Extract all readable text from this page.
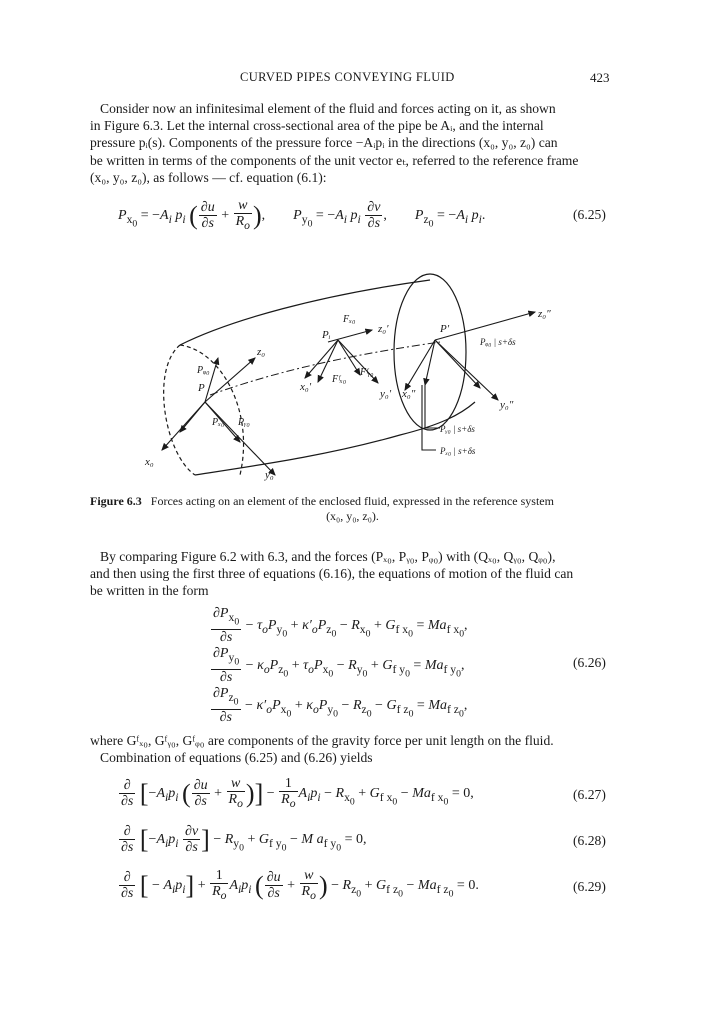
CURVED PIPES CONVEYING FLUID	423
Consider now an infinitesimal element of the fluid and forces acting on it, as shown
in Figure 6.3. Let the internal cross-sectional area of the pipe be Aᵢ, and the internal
pressure pᵢ(s). Components of the pressure force −Aᵢpᵢ in the directions (x₀, y₀, z₀) can
be written in terms of the components of the unit vector eₜ, referred to the reference frame
(x₀, y₀, z₀), as follows — cf. equation (6.1):
$P_{x_0} = -A_i$ $p_i$ ( $\frac{\partial u}{\partial s} + \frac{w}{R_o}$ ),        $P_{y_0} = -A_i$ $p_i \frac{\partial v}{\partial s}$ ,        $P_{z_0} = -A_i$ $p_i$.	(6.25)
x₀
y₀
z₀
Pᵩ₀
P
Pₓ₀ Pᵧ₀
Pᵢ
Fₓ₀
z₀′
Fᶠᵧ₀
Fᶠₓ₀
x₀′
y₀′ x₀″
P′
z₀″
Pᵩ₀ | s+δs
y₀″
Pᵧ₀ | s+δs
Pₓ₀ | s+δs
Figure 6.3 Forces acting on an element of the enclosed fluid, expressed in the reference system
(x₀, y₀, z₀).
By comparing Figure 6.2 with 6.3, and the forces (Pₓ₀, Pᵧ₀, Pᵩ₀) with (Qₓ₀, Qᵧ₀, Qᵩ₀),
and then using the first three of equations (6.16), the equations of motion of the fluid can
be written in the form
$\frac{\partial P_{x_0}}{\partial s} - \tau_oP_{y_0} + \kappa'_oP_{z_0} - R_{x_0} + G_{f x_0} = Ma_{f x_0}$,
$\frac{\partial P_{y_0}}{\partial s} - \kappa_oP_{z_0} + \tau_oP_{x_0} - R_{y_0} + G_{f y_0} = Ma_{f y_0}$,	(6.26)
$\frac{\partial P_{z_0}}{\partial s} - \kappa'_oP_{x_0} + \kappa_oP_{y_0} - R_{z_0} - G_{f z_0} = Ma_{f z_0}$,
where Gᶠₓ₀, Gᶠᵧ₀, Gᶠᵩ₀ are components of the gravity force per unit length on the fluid.
Combination of equations (6.25) and (6.26) yields
$\frac{\partial}{\partial s} [-A_ip_i$ ( $\frac{\partial u}{\partial s} + \frac{w}{R_o}$ )] − $\frac{1}{R_o} A_ip_i - R_{x_0} + G_{f x_0} - Ma_{f x_0} = 0$,	(6.27)
$\frac{\partial}{\partial s} [-A_ip_i \frac{\partial v}{\partial s}$ ] − $R_{y_0} + G_{f y_0} - M$ $a_{f y_0} = 0$,	(6.28)
$\frac{\partial}{\partial s}$ [ − $A_ip_i] + \frac{1}{R_o} A_ip_i$ ( $\frac{\partial u}{\partial s} + \frac{w}{R_o}$ ) − $R_{z_0} + G_{f z_0} - Ma_{f z_0} = 0$.	(6.29)
